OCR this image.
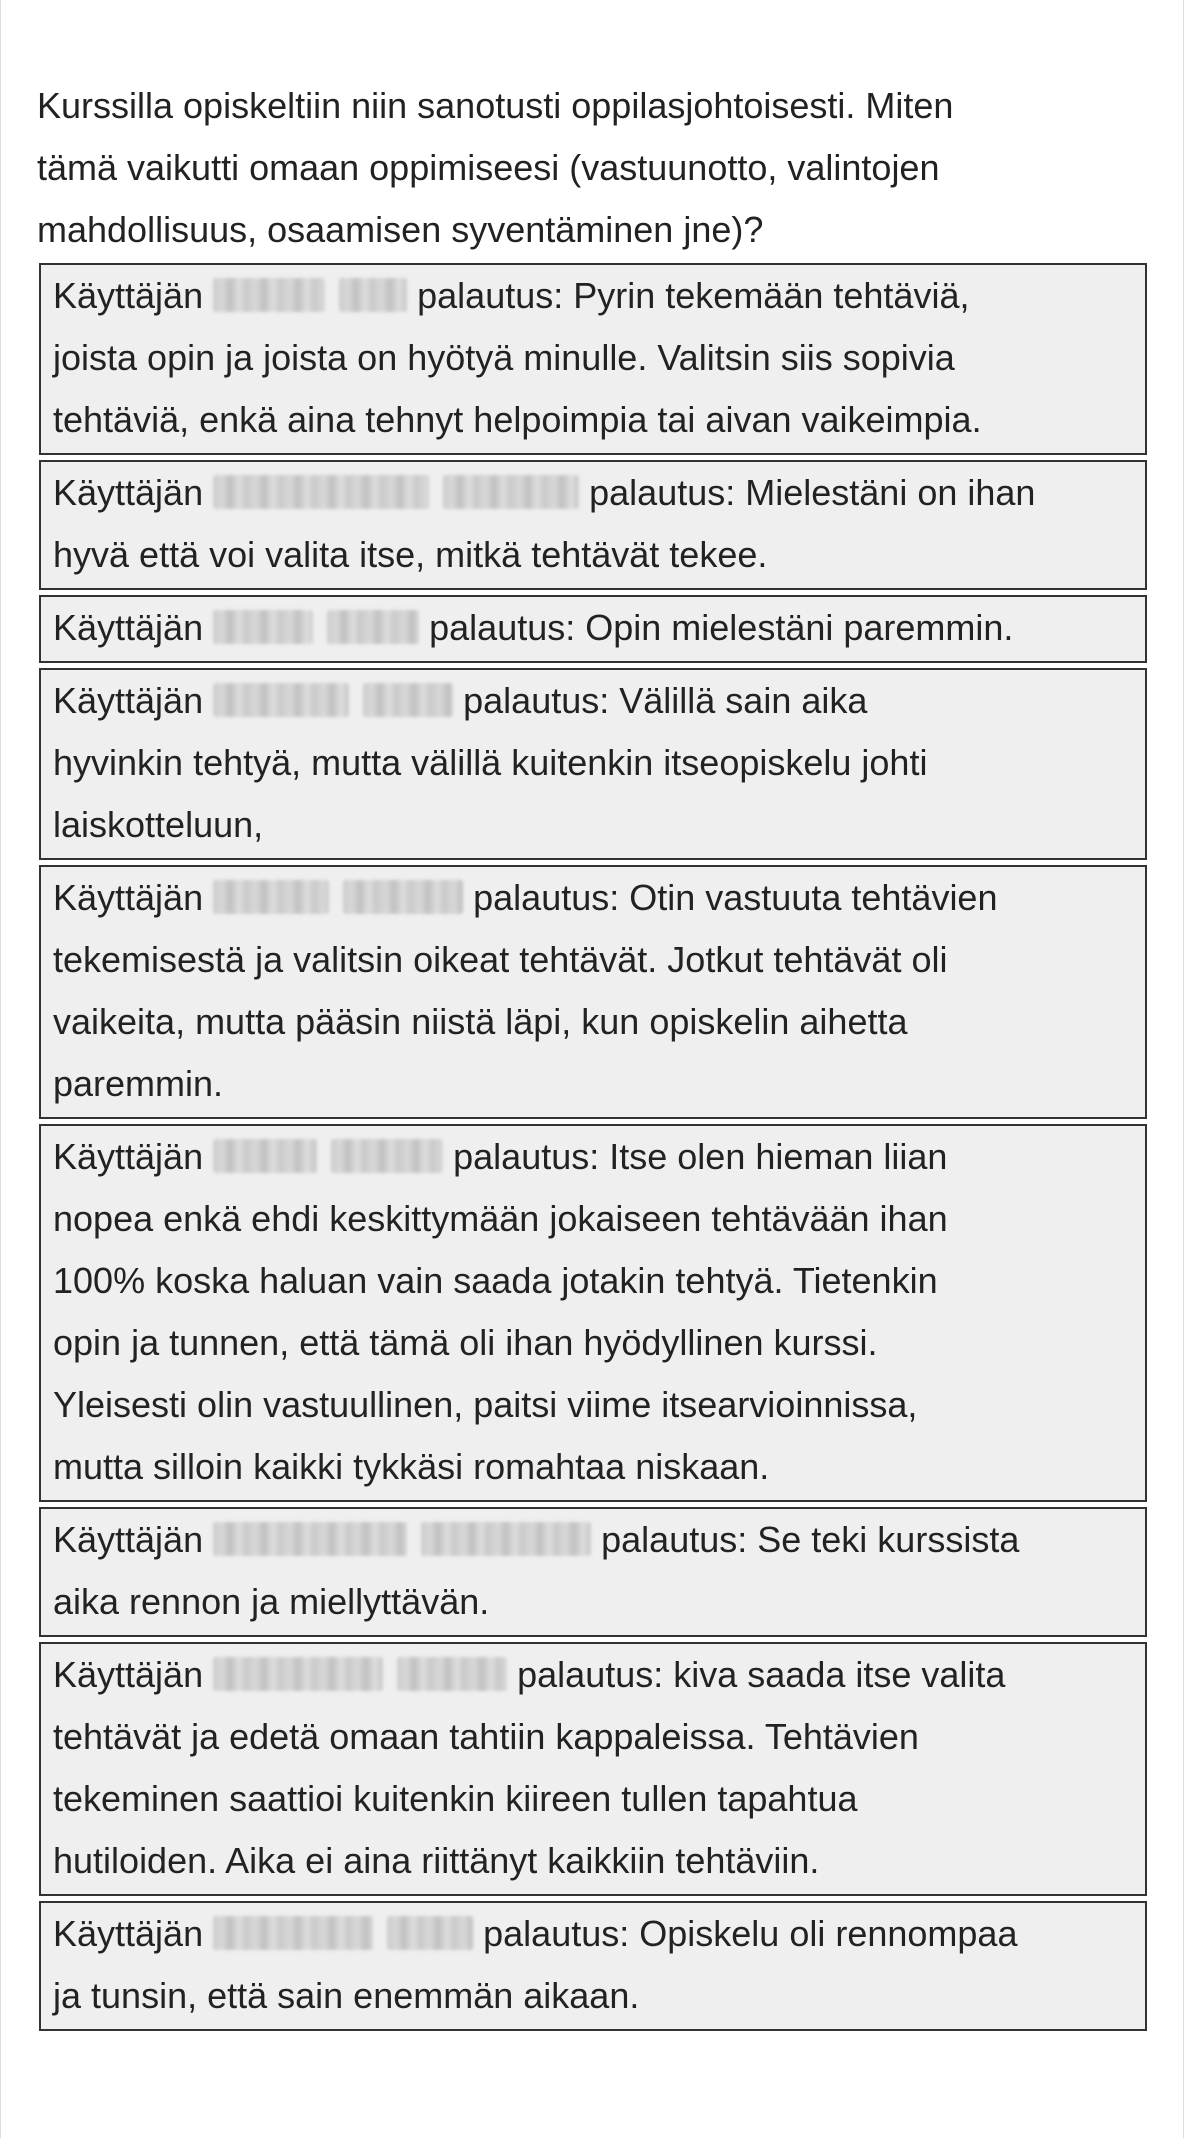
Kurssilla opiskeltiin niin sanotusti oppilasjohtoisesti. Miten
tämä vaikutti omaan oppimiseesi (vastuunotto, valintojen
mahdollisuus, osaamisen syventäminen jne)?
Käyttäjän	palautus: Pyrin tekemään tehtäviä,
joista opin ja joista on hyötyä minulle. Valitsin siis sopivia
tehtäviä, enkä aina tehnyt helpoimpia tai aivan vaikeimpia.
Käyttäjän	palautus: Mielestäni on ihan
hyvä että voi valita itse, mitkä tehtävät tekee.
Käyttäjän	palautus: Opin mielestäni paremmin.
Käyttäjän	palautus: Välillä sain aika
hyvinkin tehtyä, mutta välillä kuitenkin itseopiskelu johti
laiskotteluun,
Käyttäjän	palautus: Otin vastuuta tehtävien
tekemisestä ja valitsin oikeat tehtävät. Jotkut tehtävät oli
vaikeita, mutta pääsin niistä läpi, kun opiskelin aihetta
paremmin.
Käyttäjän	palautus: Itse olen hieman liian
nopea enkä ehdi keskittymään jokaiseen tehtävään ihan
100% koska haluan vain saada jotakin tehtyä. Tietenkin
opin ja tunnen, että tämä oli ihan hyödyllinen kurssi.
Yleisesti olin vastuullinen, paitsi viime itsearvioinnissa,
mutta silloin kaikki tykkäsi romahtaa niskaan.
Käyttäjän	palautus: Se teki kurssista
aika rennon ja miellyttävän.
Käyttäjän	palautus: kiva saada itse valita
tehtävät ja edetä omaan tahtiin kappaleissa. Tehtävien
tekeminen saattioi kuitenkin kiireen tullen tapahtua
hutiloiden. Aika ei aina riittänyt kaikkiin tehtäviin.
Käyttäjän	palautus: Opiskelu oli rennompaa
ja tunsin, että sain enemmän aikaan.
